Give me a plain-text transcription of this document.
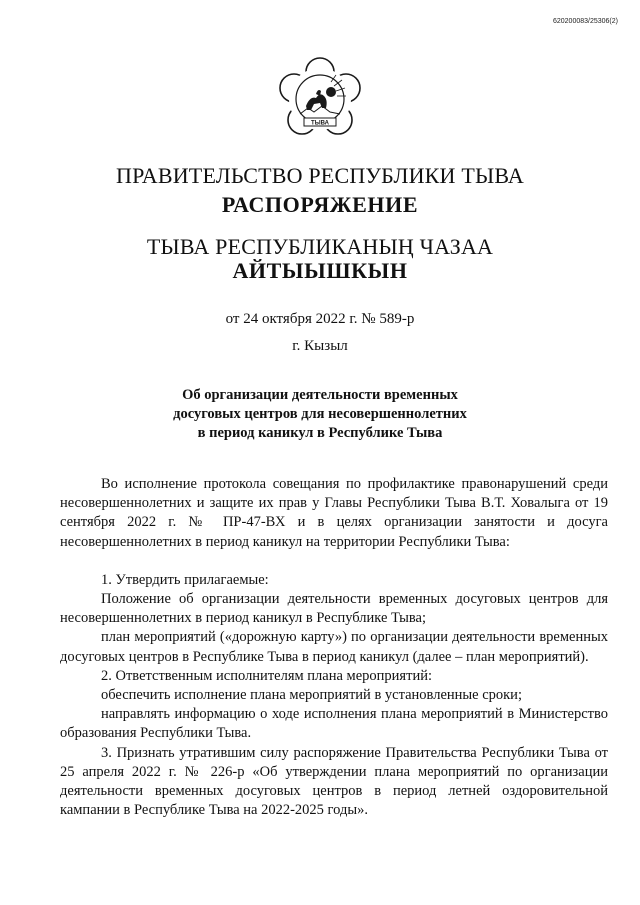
620200083/25306(2)
ТЫВА
ПРАВИТЕЛЬСТВО РЕСПУБЛИКИ ТЫВА
РАСПОРЯЖЕНИЕ
ТЫВА РЕСПУБЛИКАНЫҢ ЧАЗАА
АЙТЫЫШКЫН
от 24 октября 2022 г. № 589-р
г. Кызыл
Об организации деятельности временных
досуговых центров для несовершеннолетних
в период каникул в Республике Тыва

Во исполнение протокола совещания по профилактике правонарушений среди несовершеннолетних и защите их прав у Главы Республики Тыва В.Т. Ховалыга от 19 сентября 2022 г. № ПР-47-ВХ и в целях организации занятости и досуга несовершеннолетних в период каникул на территории Республики Тыва:

1. Утвердить прилагаемые:

Положение об организации деятельности временных досуговых центров для несовершеннолетних в период каникул в Республике Тыва;

план мероприятий («дорожную карту») по организации деятельности временных досуговых центров в Республике Тыва в период каникул (далее – план мероприятий).

2. Ответственным исполнителям плана мероприятий:

обеспечить исполнение плана мероприятий в установленные сроки;

направлять информацию о ходе исполнения плана мероприятий в Министерство образования Республики Тыва.

3. Признать утратившим силу распоряжение Правительства Республики Тыва от 25 апреля 2022 г. № 226-р «Об утверждении плана мероприятий по организации деятельности временных досуговых центров в период летней оздоровительной кампании в Республике Тыва на 2022-2025 годы».
